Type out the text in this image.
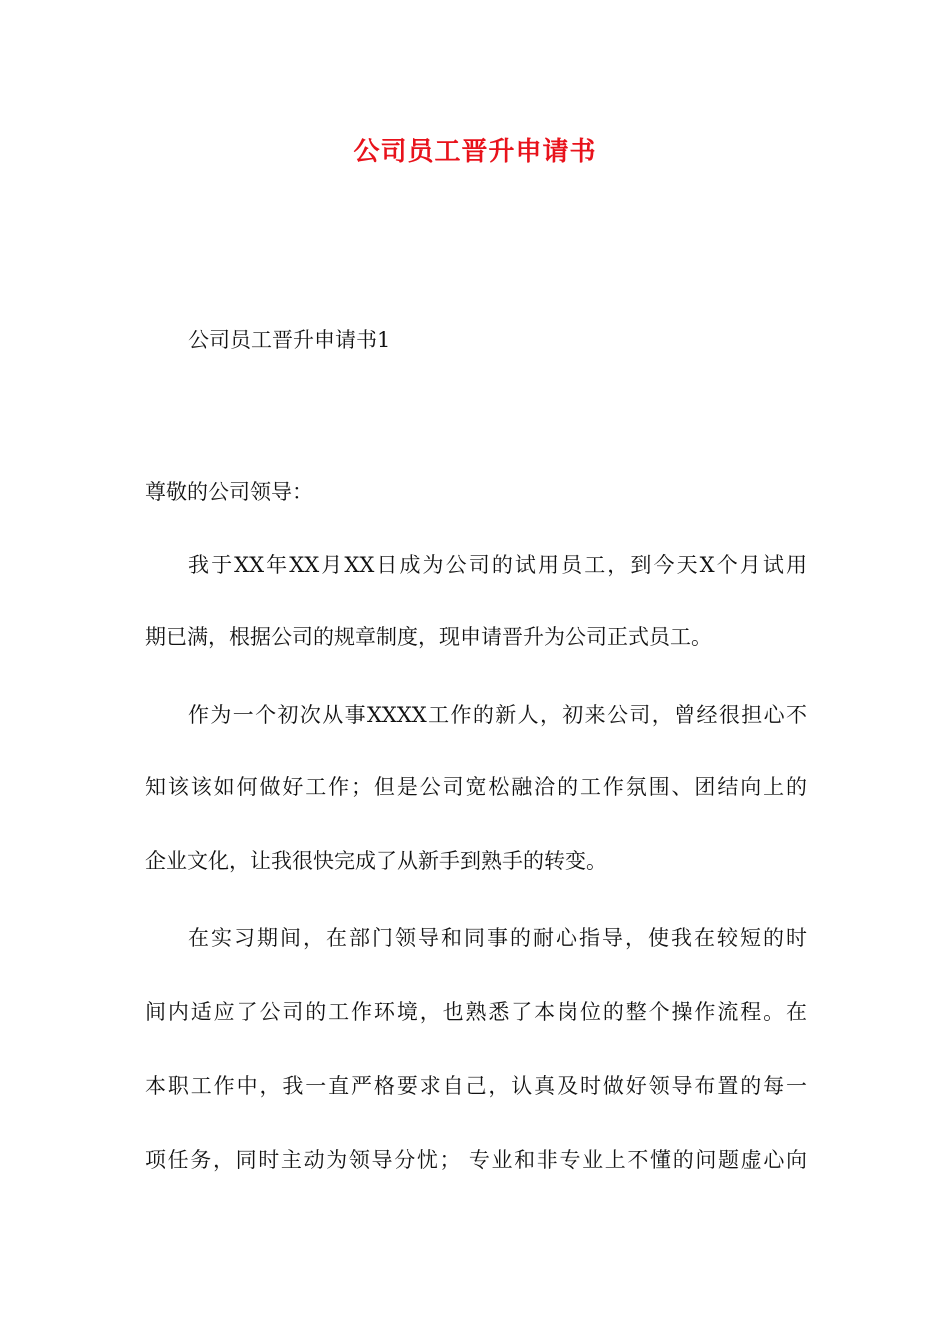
公司员工晋升申请书
公司员工晋升申请书1
尊敬的公司领导：
我于XX年XX月XX日成为公司的试用员工，到今天X个月试用
期已满，根据公司的规章制度，现申请晋升为公司正式员工。
作为一个初次从事XXXX工作的新人，初来公司，曾经很担心不
知该该如何做好工作；但是公司宽松融洽的工作氛围、团结向上的
企业文化，让我很快完成了从新手到熟手的转变。
在实习期间，在部门领导和同事的耐心指导，使我在较短的时
间内适应了公司的工作环境，也熟悉了本岗位的整个操作流程。在
本职工作中，我一直严格要求自己，认真及时做好领导布置的每一
项任务，同时主动为领导分忧； 专业和非专业上不懂的问题虚心向
